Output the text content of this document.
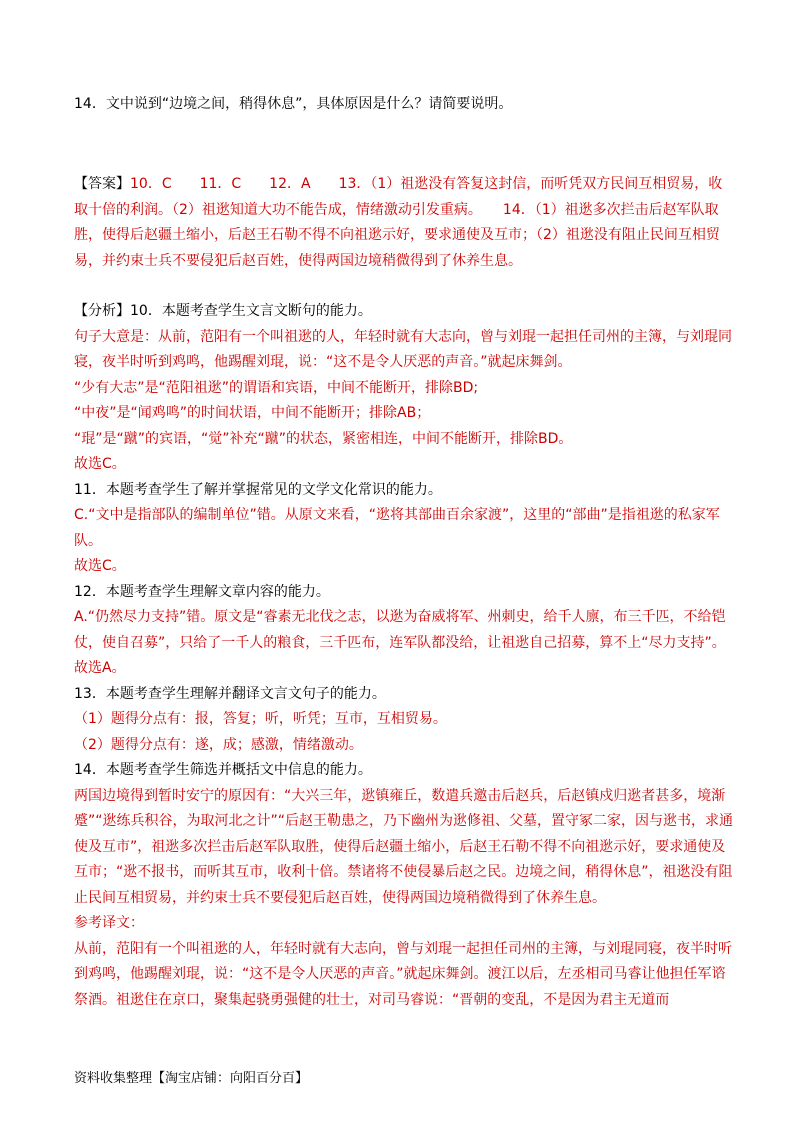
14．文中说到“边境之间，稍得休息”，具体原因是什么？请简要说明。

【答案】10．C　　11．C　　12．A　　13．（1）祖逖没有答复这封信，而听凭双方民间互相贸易，收取十倍的利润。（2）祖逖知道大功不能告成，情绪激动引发重病。　　14．（1）祖逖多次拦击后赵军队取胜，使得后赵疆土缩小，后赵王石勒不得不向祖逖示好，要求通使及互市；（2）祖逖没有阻止民间互相贸易，并约束士兵不要侵犯后赵百姓，使得两国边境稍微得到了休养生息。

【分析】10．本题考查学生文言文断句的能力。

句子大意是：从前，范阳有一个叫祖逖的人，年轻时就有大志向，曾与刘琨一起担任司州的主簿，与刘琨同寝，夜半时听到鸡鸣，他踢醒刘琨，说：“这不是令人厌恶的声音。”就起床舞剑。

“少有大志”是“范阳祖逖”的谓语和宾语，中间不能断开，排除BD;

“中夜”是“闻鸡鸣”的时间状语，中间不能断开；排除AB；

“琨”是“蹴”的宾语，“觉”补充“蹴”的状态，紧密相连，中间不能断开，排除BD。

故选C。

11．本题考查学生了解并掌握常见的文学文化常识的能力。

C.“文中是指部队的编制单位”错。从原文来看，“逖将其部曲百余家渡”，这里的“部曲”是指祖逖的私家军队。

故选C。

12．本题考查学生理解文章内容的能力。

A.“仍然尽力支持”错。原文是“睿素无北伐之志，以逖为奋威将军、州刺史，给千人廪，布三千匹，不给铠仗，使自召募”，只给了一千人的粮食，三千匹布，连军队都没给，让祖逖自己招募，算不上“尽力支持”。

故选A。

13．本题考查学生理解并翻译文言文句子的能力。

（1）题得分点有：报，答复；听，听凭；互市，互相贸易。

（2）题得分点有：遂，成；感激，情绪激动。

14．本题考查学生筛选并概括文中信息的能力。

两国边境得到暂时安宁的原因有：“大兴三年，逖镇雍丘，数遣兵邀击后赵兵，后赵镇戍归逖者甚多，境渐蹙”“逖练兵积谷，为取河北之计”“后赵王勒患之，乃下幽州为逖修祖、父墓，置守冢二家，因与逖书，求通使及互市”，祖逖多次拦击后赵军队取胜，使得后赵疆土缩小，后赵王石勒不得不向祖逖示好，要求通使及互市；“逖不报书，而听其互市，收利十倍。禁诸将不使侵暴后赵之民。边境之间，稍得休息”，祖逖没有阻止民间互相贸易，并约束士兵不要侵犯后赵百姓，使得两国边境稍微得到了休养生息。

参考译文：

从前，范阳有一个叫祖逖的人，年轻时就有大志向，曾与刘琨一起担任司州的主簿，与刘琨同寝，夜半时听到鸡鸣，他踢醒刘琨，说：“这不是令人厌恶的声音。”就起床舞剑。渡江以后，左丞相司马睿让他担任军谘祭酒。祖逖住在京口，聚集起骁勇强健的壮士，对司马睿说：“晋朝的变乱，不是因为君主无道而

资料收集整理【淘宝店铺：向阳百分百】
